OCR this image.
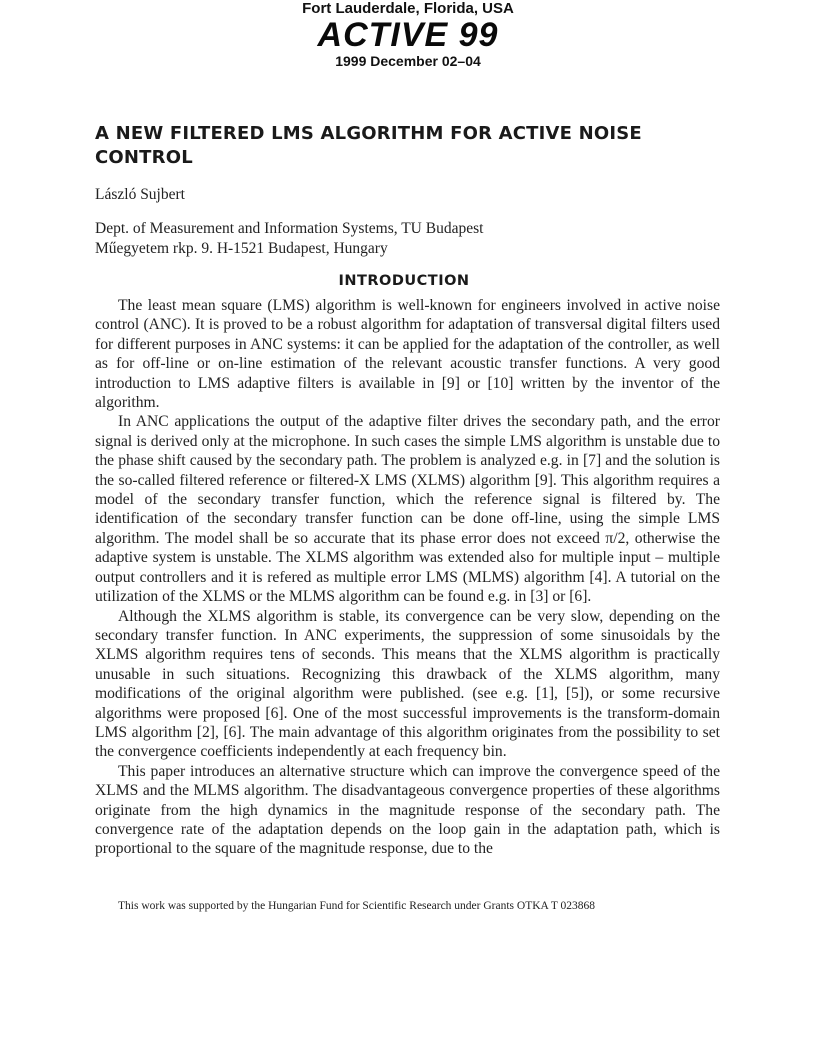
Fort Lauderdale, Florida, USA
ACTIVE 99
1999 December 02–04
A NEW FILTERED LMS ALGORITHM FOR ACTIVE NOISE CONTROL
László Sujbert
Dept. of Measurement and Information Systems, TU Budapest
Műegyetem rkp. 9. H-1521 Budapest, Hungary
INTRODUCTION

The least mean square (LMS) algorithm is well-known for engineers involved in active noise control (ANC). It is proved to be a robust algorithm for adaptation of transversal digital filters used for different purposes in ANC systems: it can be applied for the adaptation of the controller, as well as for off-line or on-line estimation of the relevant acoustic transfer functions. A very good introduction to LMS adaptive filters is available in [9] or [10] written by the inventor of the algorithm.

In ANC applications the output of the adaptive filter drives the secondary path, and the error signal is derived only at the microphone. In such cases the simple LMS algorithm is unstable due to the phase shift caused by the secondary path. The problem is analyzed e.g. in [7] and the solution is the so-called filtered reference or filtered-X LMS (XLMS) algorithm [9]. This algorithm requires a model of the secondary transfer function, which the reference signal is filtered by. The identification of the secondary transfer function can be done off-line, using the simple LMS algorithm. The model shall be so accurate that its phase error does not exceed π/2, otherwise the adaptive system is unstable. The XLMS algorithm was extended also for multiple input – multiple output controllers and it is refered as multiple error LMS (MLMS) algorithm [4]. A tutorial on the utilization of the XLMS or the MLMS algorithm can be found e.g. in [3] or [6].

Although the XLMS algorithm is stable, its convergence can be very slow, depending on the secondary transfer function. In ANC experiments, the suppression of some sinusoidals by the XLMS algorithm requires tens of seconds. This means that the XLMS algorithm is practically unusable in such situations. Recognizing this drawback of the XLMS algorithm, many modifications of the original algorithm were published. (see e.g. [1], [5]), or some recursive algorithms were proposed [6]. One of the most successful improvements is the transform-domain LMS algorithm [2], [6]. The main advantage of this algorithm originates from the possibility to set the convergence coefficients independently at each frequency bin.

This paper introduces an alternative structure which can improve the convergence speed of the XLMS and the MLMS algorithm. The disadvantageous convergence properties of these algorithms originate from the high dynamics in the magnitude response of the secondary path. The convergence rate of the adaptation depends on the loop gain in the adaptation path, which is proportional to the square of the magnitude response, due to the

This work was supported by the Hungarian Fund for Scientific Research under Grants OTKA T 023868
